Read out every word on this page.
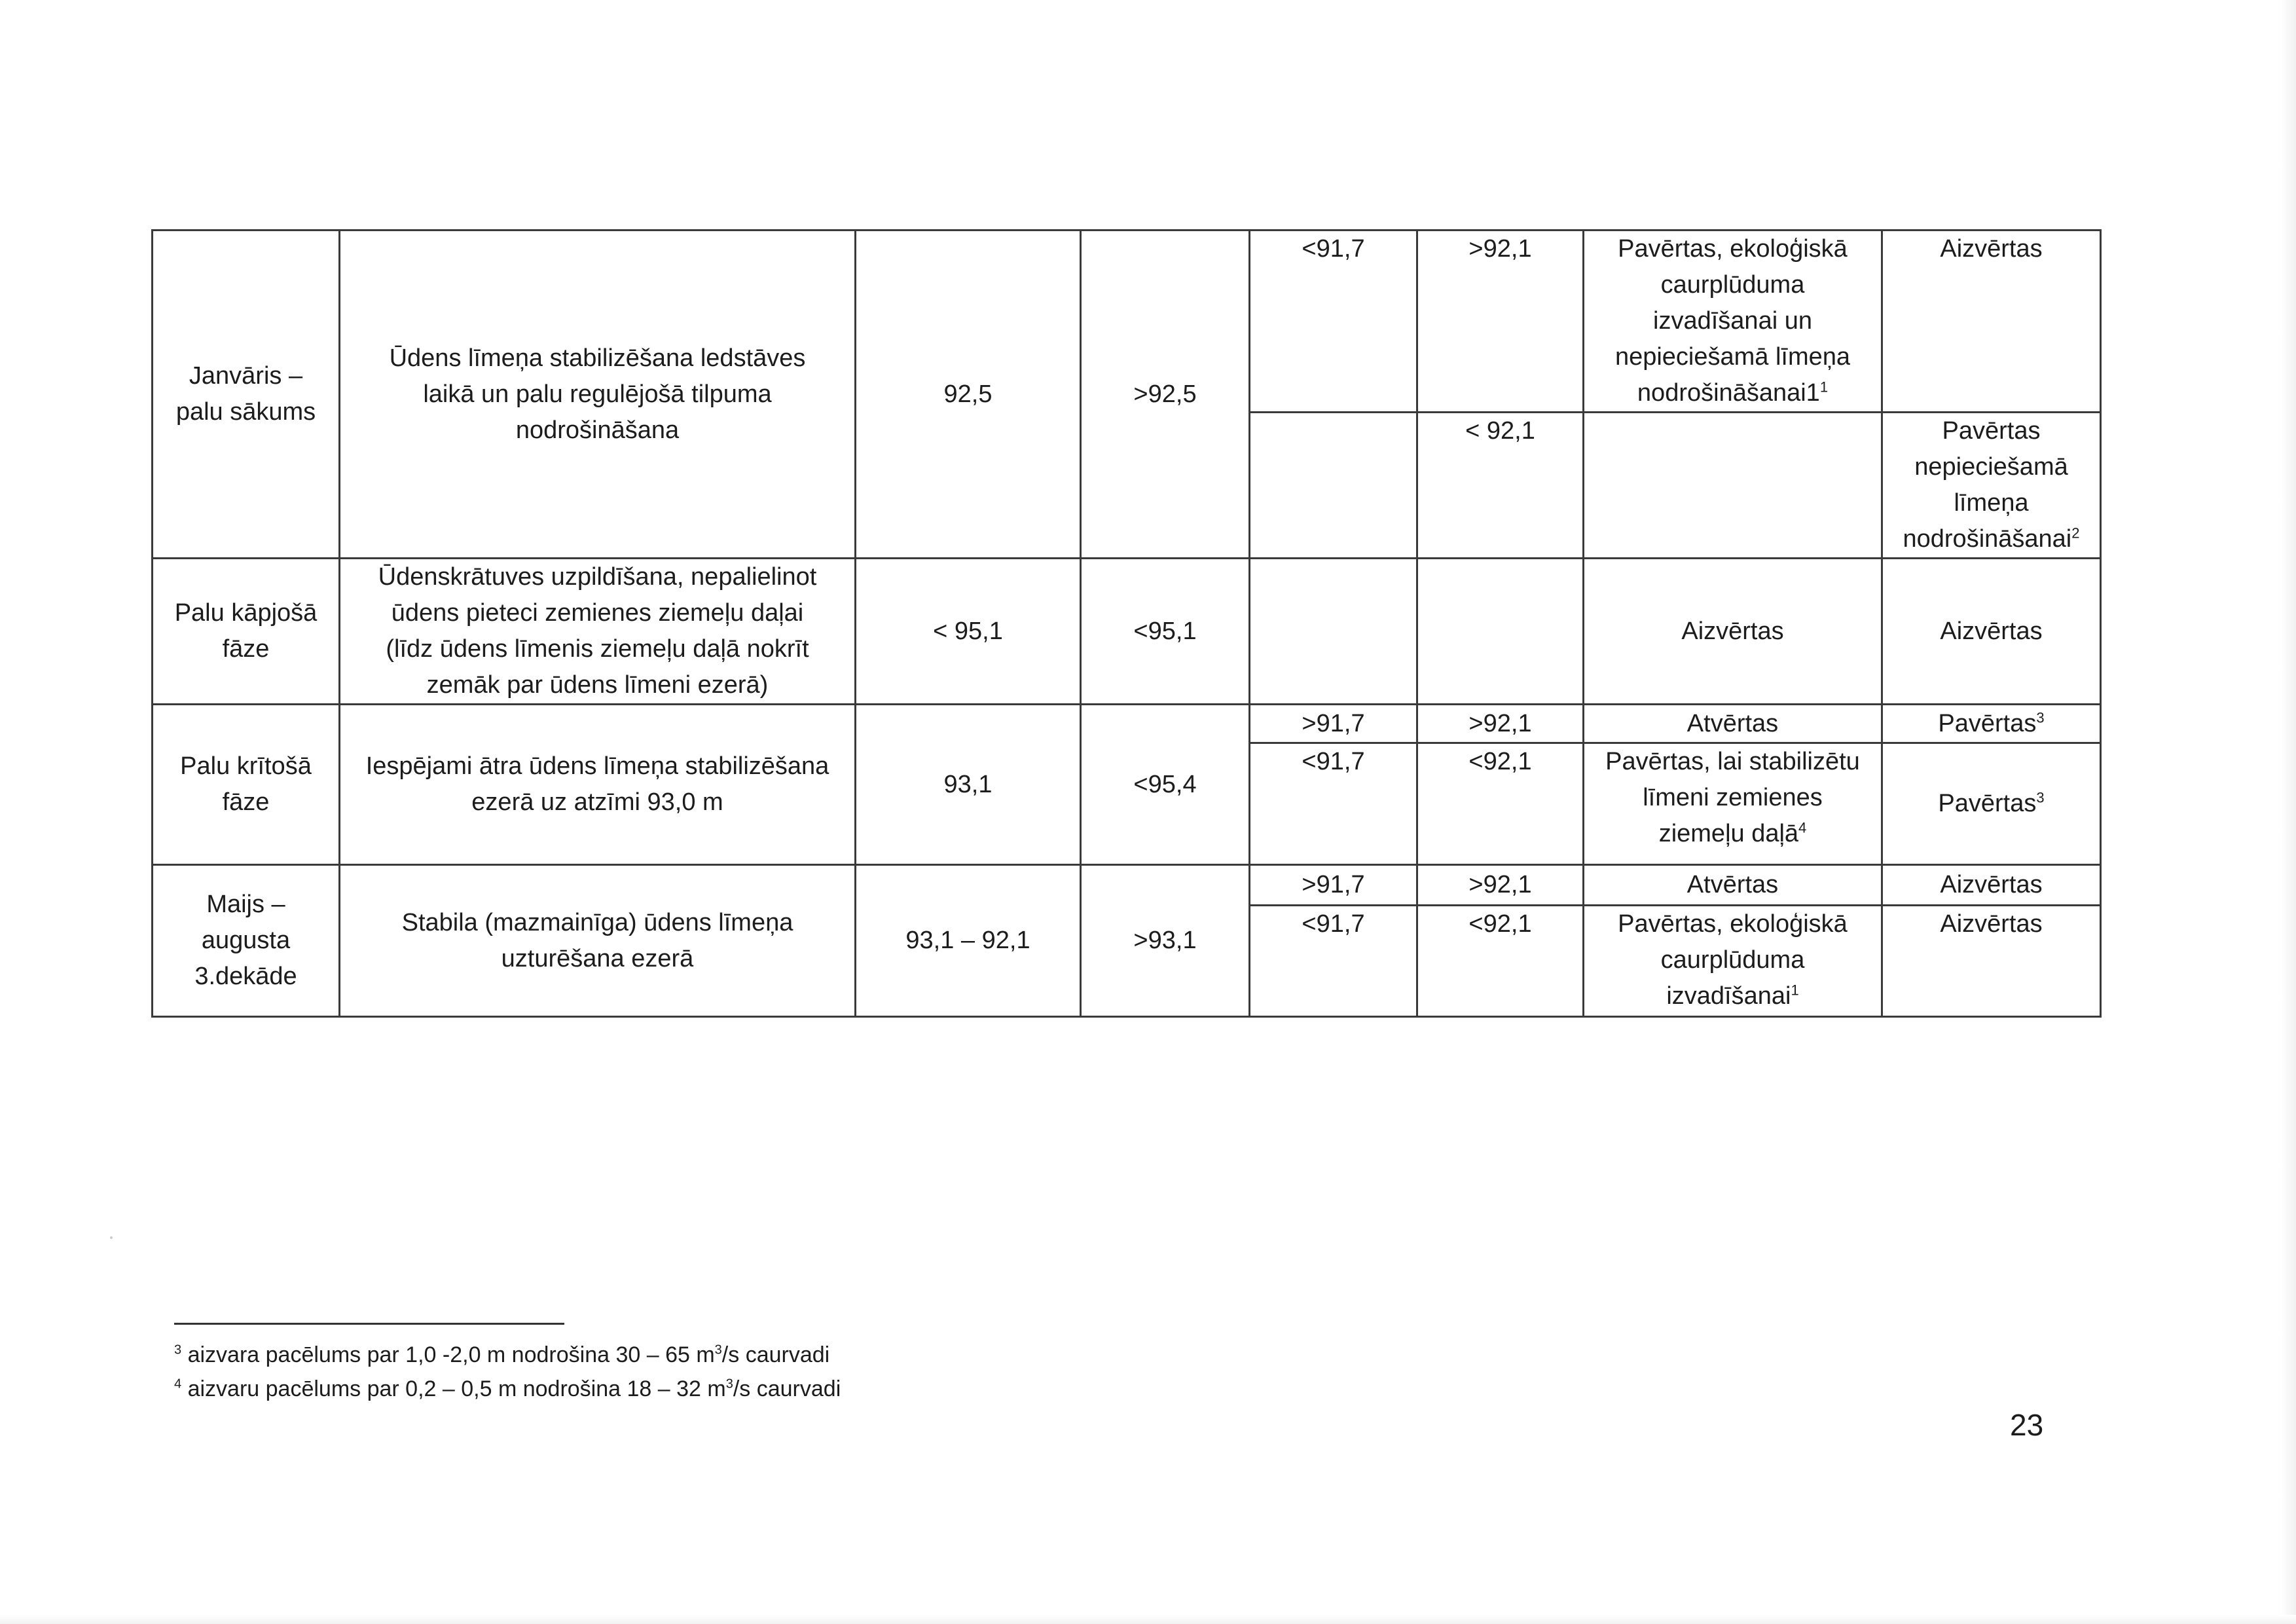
Janvāris –
palu sākums	Ūdens līmeņa stabilizēšana ledstāves
laikā un palu regulējošā tilpuma
nodrošināšana	92,5	>92,5	<91,7	>92,1	Pavērtas, ekoloģiskā
caurplūduma
izvadīšanai un
nepieciešamā līmeņa
$nodrošināšanai1^1$	Aizvērtas
					< 92,1		Pavērtas
nepieciešamā
līmeņa
nodrošināšanai$^2$

Palu kāpjošā
fāze	Ūdenskrātuves uzpildīšana, nepalielinot
ūdens pieteci zemienes ziemeļu daļai
(līdz ūdens līmenis ziemeļu daļā nokrīt
zemāk par ūdens līmeni ezerā)	< 95,1	<95,1			Aizvērtas	Aizvērtas

Palu krītošā
fāze	Iespējami ātra ūdens līmeņa stabilizēšana
ezerā uz atzīmi 93,0 m	93,1	<95,4	>91,7	>92,1	Atvērtas	Pavērtas$^3$
				<91,7	<92,1	Pavērtas, lai stabilizētu
līmeni zemienes
ziemeļu daļā$^4$	Pavērtas$^3$

Maijs –
augusta
3.dekāde	Stabila (mazmainīga) ūdens līmeņa
uzturēšana ezerā	93,1 – 92,1	>93,1	>91,7	>92,1	Atvērtas	Aizvērtas
				<91,7	<92,1	Pavērtas, ekoloģiskā
caurplūduma
izvadīšanai$^1$	Aizvērtas
$^3$ aizvara pacēlums par 1,0 -2,0 m nodrošina 30 – 65 $m^3/s$ caurvadi
$^4$ aizvaru pacēlums par 0,2 – 0,5 m nodrošina 18 – 32 $m^3/s$ caurvadi
23
